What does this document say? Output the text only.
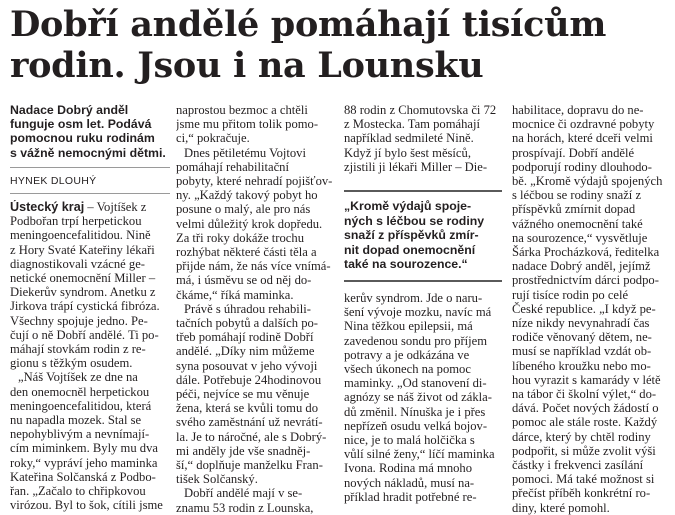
Dobří andělé pomáhají tisícům
rodin. Jsou i na Lounsku
Nadace Dobrý anděl
funguje osm let. Podává
pomocnou ruku rodinám
s vážně nemocnými dětmi.
HYNEK DLOUHÝ

Ústecký kraj – Vojtíšek z
Podbořan trpí herpetickou
meningoencefalitidou. Nině
z Hory Svaté Kateřiny lékaři
diagnostikovali vzácné ge-
netické onemocnění Miller –
Diekerův syndrom. Anetku z
Jirkova trápí cystická fibróza.
Všechny spojuje jedno. Pe-
čují o ně Dobří andělé. Ti po-
máhají stovkám rodin z re-
gionu s těžkým osudem.

„Náš Vojtíšek ze dne na
den onemocněl herpetickou
meningoencefalitidou, která
nu napadla mozek. Stal se
nepohyblivým a nevnímají-
cím miminkem. Byly mu dva
roky,“ vypráví jeho maminka
Kateřina Solčanská z Podbo-
řan. „Začalo to chřipkovou
virózou. Byl to šok, cítili jsme

naprostou bezmoc a chtěli
jsme mu přitom tolik pomo-
ci,“ pokračuje.

Dnes pětiletému Vojtovi
pomáhají rehabilitační
pobyty, které nehradí pojišťov-
ny. „Každý takový pobyt ho
posune o malý, ale pro nás
velmi důležitý krok dopředu.
Za tři roky dokáže trochu
rozhýbat některé části těla a
přijde nám, že nás více vnímá-
má, i úsměvu se od něj do-
čkáme,“ říká maminka.

Právě s úhradou rehabili-
tačních pobytů a dalších po-
třeb pomáhají rodině Dobří
andělé. „Díky nim můžeme
syna posouvat v jeho vývoji
dále. Potřebuje 24hodinovou
péči, nejvíce se mu věnuje
žena, která se kvůli tomu do
svého zaměstnání už nevrátí-
la. Je to náročné, ale s Dobrý-
mi anděly jde vše snadněj-
ší,“ doplňuje manželku Fran-
tišek Solčanský.

Dobří andělé mají v se-
znamu 53 rodin z Lounska,

88 rodin z Chomutovska či 72
z Mostecka. Tam pomáhají
například sedmileté Nině.
Když jí bylo šest měsíců,
zjistili ji lékaři Miller – Die-

„Kromě výdajů spoje-
ných s léčbou se rodiny
snaží z příspěvků zmír-
nit dopad onemocnění
také na sourozence.“

kerův syndrom. Jde o naru-
šení vývoje mozku, navíc má
Nina těžkou epilepsii, má
zavedenou sondu pro příjem
potravy a je odkázána ve
všech úkonech na pomoc
maminky. „Od stanovení di-
agnózy se náš život od zákla-
dů změnil. Nínuška je i přes
nepřízeň osudu velká bojov-
nice, je to malá holčička s
vůlí silné ženy,“ líčí maminka
Ivona. Rodina má mnoho
nových nákladů, musí na-
příklad hradit potřebné re-

habilitace, dopravu do ne-
mocnice či ozdravné pobyty
na horách, které dceři velmi
prospívají. Dobří andělé
podporují rodiny dlouhodo-
bě. „Kromě výdajů spojených
s léčbou se rodiny snaží z
příspěvků zmírnit dopad
vážného onemocnění také
na sourozence,“ vysvětluje
Šárka Procházková, ředitelka
nadace Dobrý anděl, jejímž
prostřednictvím dárci podpo-
rují tisíce rodin po celé
České republice. „I když pe-
níze nikdy nevynahradí čas
rodiče věnovaný dětem, ne-
musí se například vzdát ob-
líbeného kroužku nebo mo-
hou vyrazit s kamarády v létě
na tábor či školní výlet,“ do-
dává. Počet nových žádostí o
pomoc ale stále roste. Každý
dárce, který by chtěl rodiny
podpořit, si může zvolit výši
částky i frekvenci zasílání
pomoci. Má také možnost si
přečíst příběh konkrétní ro-
diny, které pomohl.
